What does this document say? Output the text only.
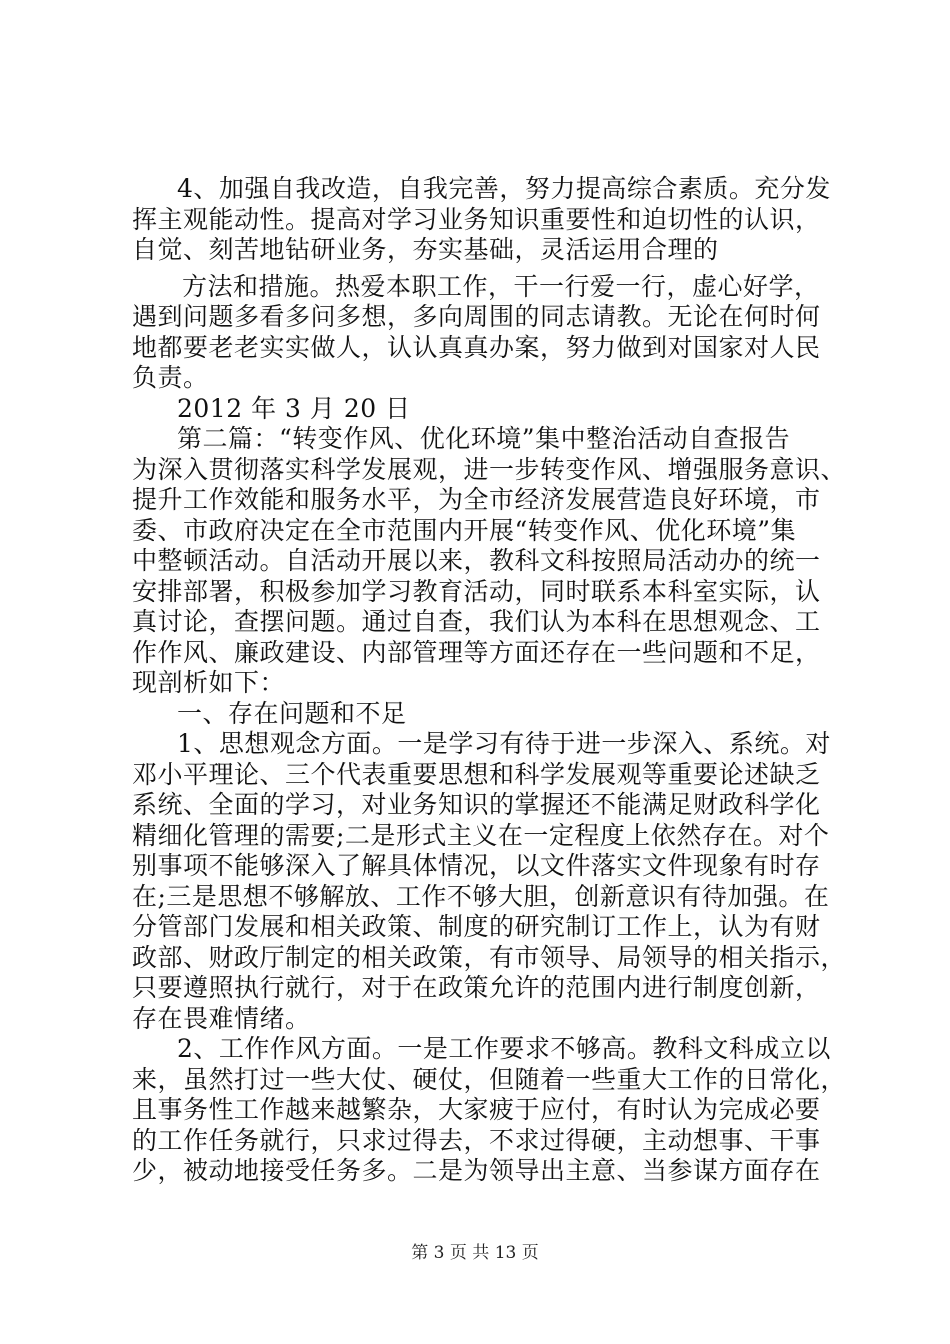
4、加强自我改造，自我完善，努力提高综合素质。充分发
挥主观能动性。提高对学习业务知识重要性和迫切性的认识，
自觉、刻苦地钻研业务，夯实基础，灵活运用合理的
方法和措施。热爱本职工作，干一行爱一行，虚心好学，
遇到问题多看多问多想，多向周围的同志请教。无论在何时何
地都要老老实实做人，认认真真办案，努力做到对国家对人民
负责。
2012 年 3 月 20 日
第二篇：“转变作风、优化环境”集中整治活动自查报告
为深入贯彻落实科学发展观，进一步转变作风、增强服务意识、
提升工作效能和服务水平，为全市经济发展营造良好环境，市
委、市政府决定在全市范围内开展“转变作风、优化环境”集
中整顿活动。自活动开展以来，教科文科按照局活动办的统一
安排部署，积极参加学习教育活动，同时联系本科室实际，认
真讨论，查摆问题。通过自查，我们认为本科在思想观念、工
作作风、廉政建设、内部管理等方面还存在一些问题和不足，
现剖析如下：
一、存在问题和不足
1、思想观念方面。一是学习有待于进一步深入、系统。对
邓小平理论、三个代表重要思想和科学发展观等重要论述缺乏
系统、全面的学习，对业务知识的掌握还不能满足财政科学化
精细化管理的需要;二是形式主义在一定程度上依然存在。对个
别事项不能够深入了解具体情况，以文件落实文件现象有时存
在;三是思想不够解放、工作不够大胆，创新意识有待加强。在
分管部门发展和相关政策、制度的研究制订工作上，认为有财
政部、财政厅制定的相关政策，有市领导、局领导的相关指示，
只要遵照执行就行，对于在政策允许的范围内进行制度创新，
存在畏难情绪。
2、工作作风方面。一是工作要求不够高。教科文科成立以
来，虽然打过一些大仗、硬仗，但随着一些重大工作的日常化，
且事务性工作越来越繁杂，大家疲于应付，有时认为完成必要
的工作任务就行，只求过得去，不求过得硬，主动想事、干事
少，被动地接受任务多。二是为领导出主意、当参谋方面存在
第 3 页 共 13 页
